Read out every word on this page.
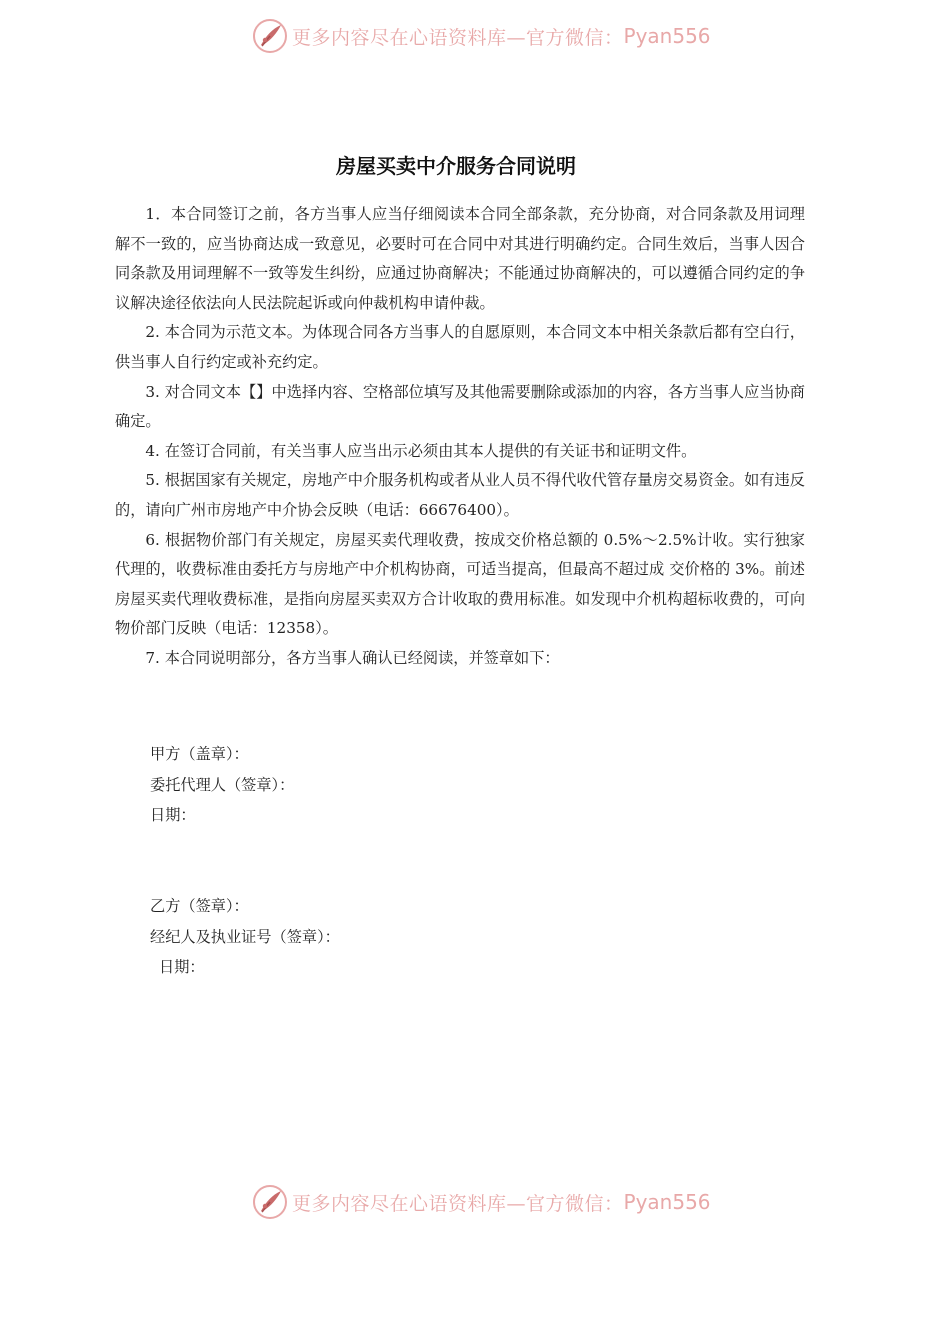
更多内容尽在心语资料库—官方微信： Pyan556
房屋买卖中介服务合同说明

1．本合同签订之前，各方当事人应当仔细阅读本合同全部条款，充分协商，对合同条款及用词理解不一致的，应当协商达成一致意见，必要时可在合同中对其进行明确约定。合同生效后，当事人因合同条款及用词理解不一致等发生纠纷，应通过协商解决；不能通过协商解决的，可以遵循合同约定的争议解决途径依法向人民法院起诉或向仲裁机构申请仲裁。

2. 本合同为示范文本。为体现合同各方当事人的自愿原则，本合同文本中相关条款后都有空白行，供当事人自行约定或补充约定。

3. 对合同文本【】中选择内容、空格部位填写及其他需要删除或添加的内容，各方当事人应当协商确定。

4. 在签订合同前，有关当事人应当出示必须由其本人提供的有关证书和证明文件。

5. 根据国家有关规定，房地产中介服务机构或者从业人员不得代收代管存量房交易资金。如有违反的，请向广州市房地产中介协会反映（电话：66676400）。

6. 根据物价部门有关规定，房屋买卖代理收费，按成交价格总额的 0.5%～2.5%计收。实行独家代理的，收费标准由委托方与房地产中介机构协商，可适当提高，但最高不超过成 交价格的 3%。前述房屋买卖代理收费标准，是指向房屋买卖双方合计收取的费用标准。如发现中介机构超标收费的，可向物价部门反映（电话：12358）。

7. 本合同说明部分，各方当事人确认已经阅读，并签章如下：

甲方（盖章）：
委托代理人（签章）：
日期：
乙方（签章）：
经纪人及执业证号（签章）：
日期：
更多内容尽在心语资料库—官方微信： Pyan556
